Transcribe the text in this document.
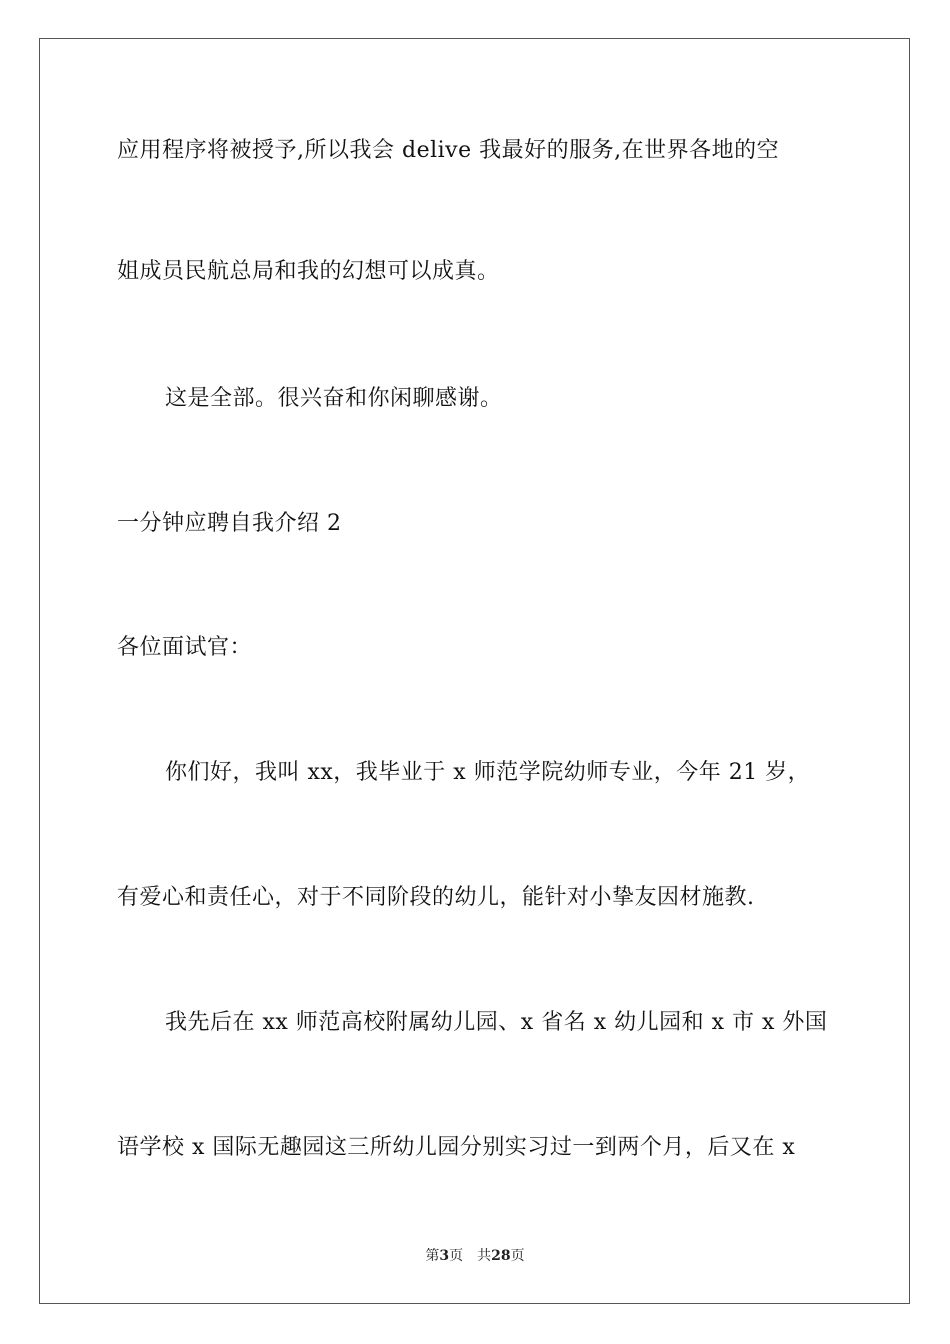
应用程序将被授予,所以我会 delive 我最好的服务,在世界各地的空
姐成员民航总局和我的幻想可以成真。
这是全部。很兴奋和你闲聊感谢。
一分钟应聘自我介绍 2
各位面试官：
你们好，我叫 xx，我毕业于 x 师范学院幼师专业，今年 21 岁，
有爱心和责任心，对于不同阶段的幼儿，能针对小挚友因材施教.
我先后在 xx 师范高校附属幼儿园、x 省名 x 幼儿园和 x 市 x 外国
语学校 x 国际无趣园这三所幼儿园分别实习过一到两个月，后又在 x
第3页 共28页
